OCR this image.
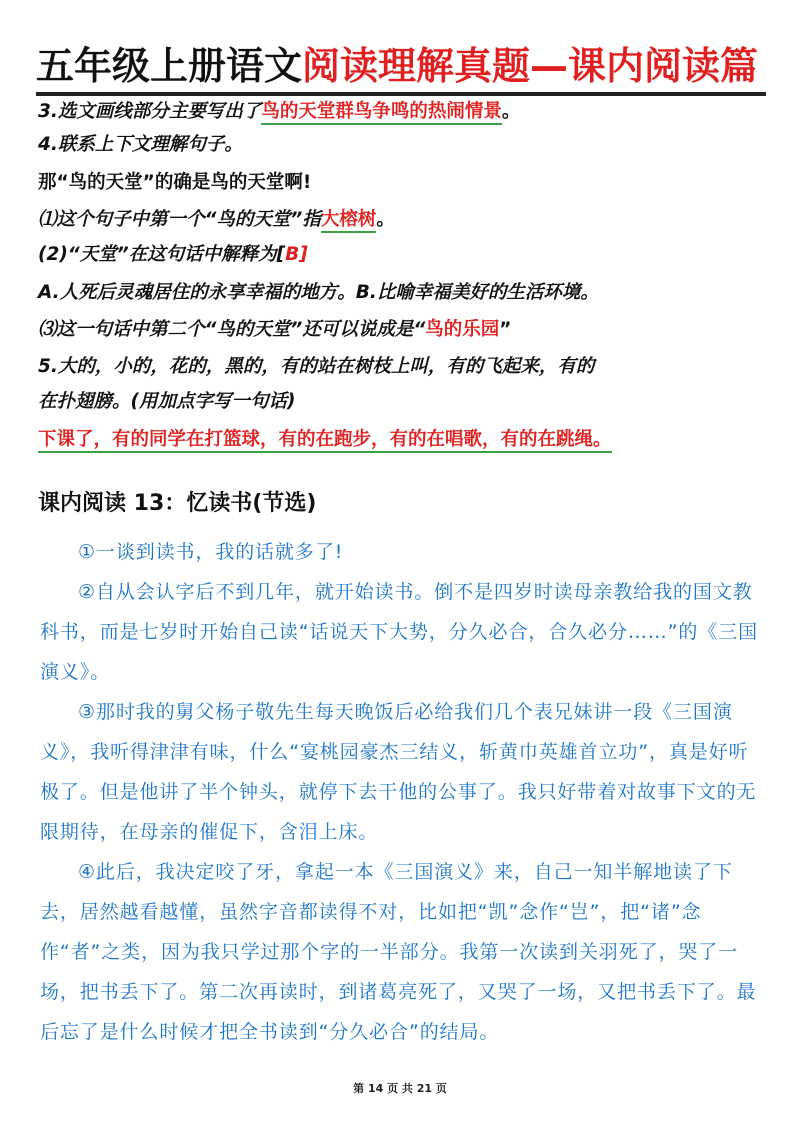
五年级上册语文阅读理解真题—课内阅读篇
3.选文画线部分主要写出了鸟的天堂群鸟争鸣的热闹情景。
4.联系上下文理解句子。
那“鸟的天堂”的确是鸟的天堂啊!
⑴这个句子中第一个“鸟的天堂”指大榕树。
(2)“天堂”在这句话中解释为[B]
A.人死后灵魂居住的永享幸福的地方。B.比喻幸福美好的生活环境。
⑶这一句话中第二个“鸟的天堂”还可以说成是“鸟的乐园”
5.大的，小的，花的，黑的，有的站在树枝上叫，有的飞起来，有的
在扑翅膀。(用加点字写一句话)
下课了，有的同学在打篮球，有的在跑步，有的在唱歌，有的在跳绳。
课内阅读 13：忆读书(节选)

①一谈到读书，我的话就多了!

②自从会认字后不到几年，就开始读书。倒不是四岁时读母亲教给我的国文教科书，而是七岁时开始自己读“话说天下大势，分久必合，合久必分……”的《三国演义》。

③那时我的舅父杨子敬先生每天晚饭后必给我们几个表兄妹讲一段《三国演义》，我听得津津有味，什么“宴桃园豪杰三结义，斩黄巾英雄首立功”，真是好听极了。但是他讲了半个钟头，就停下去干他的公事了。我只好带着对故事下文的无限期待，在母亲的催促下，含泪上床。

④此后，我决定咬了牙，拿起一本《三国演义》来，自己一知半解地读了下去，居然越看越懂，虽然字音都读得不对，比如把“凯”念作“岂”，把“诸”念作“者”之类，因为我只学过那个字的一半部分。我第一次读到关羽死了，哭了一场，把书丢下了。第二次再读时，到诸葛亮死了，又哭了一场，又把书丢下了。最后忘了是什么时候才把全书读到“分久必合”的结局。

第 14 页 共 21 页
